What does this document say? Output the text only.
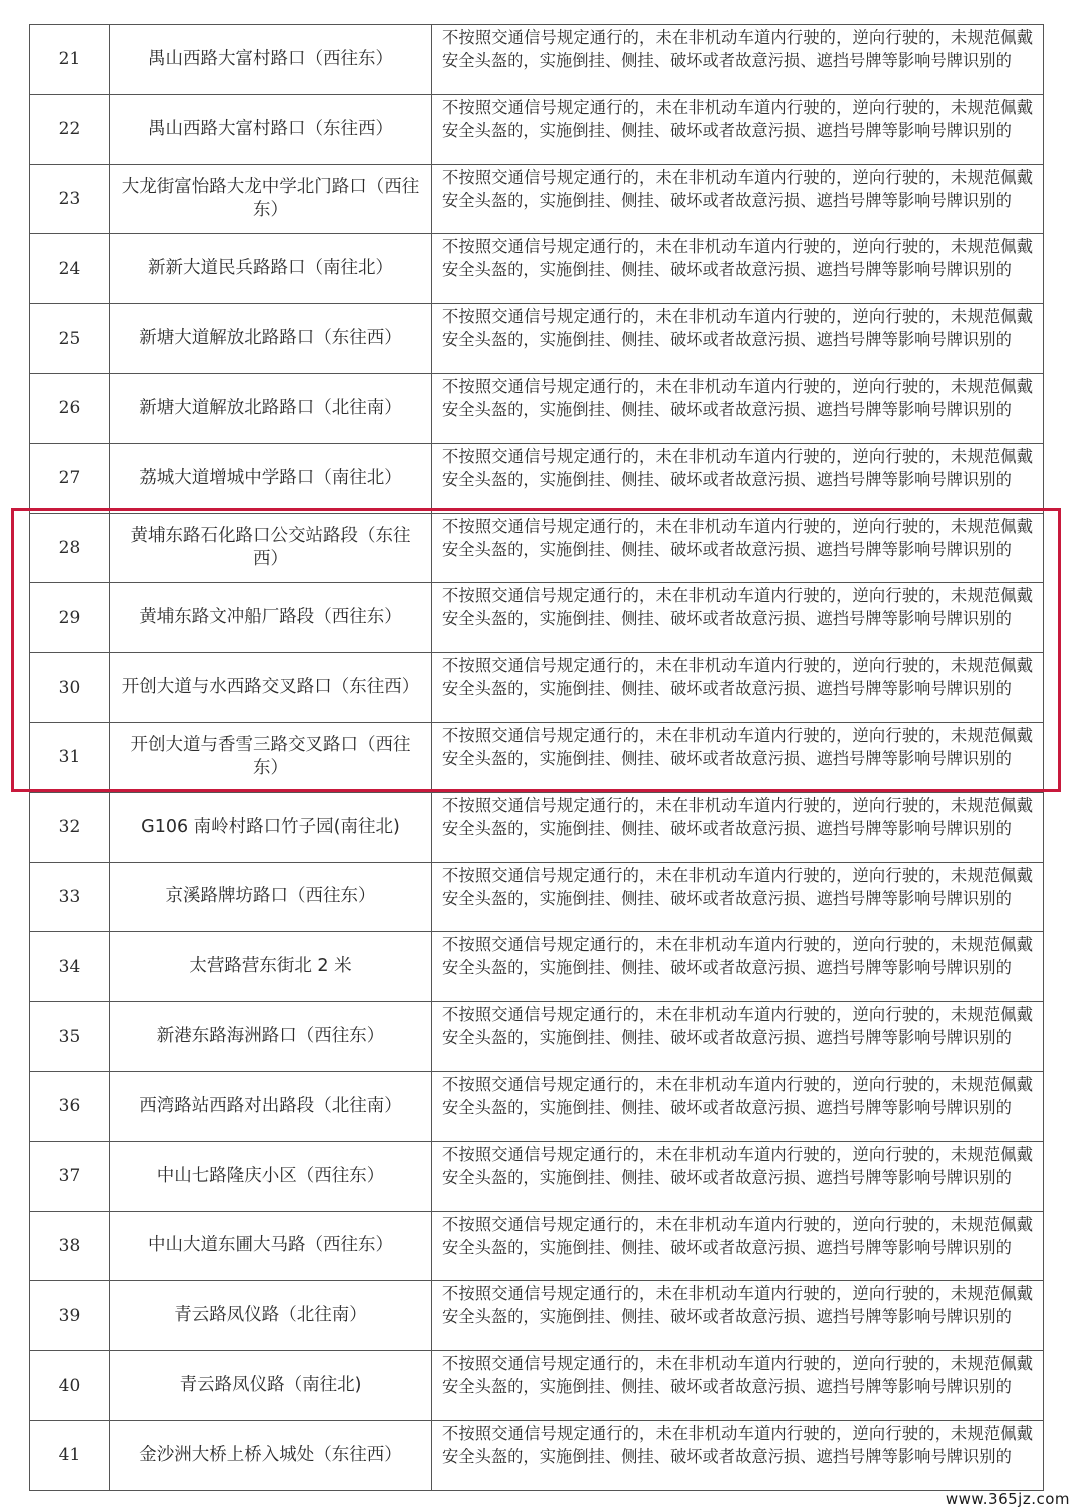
21	禺山西路大富村路口（西往东）
不按照交通信号规定通行的，未在非机动车道内行驶的，逆向行驶的，未规范佩戴安全头盔的，实施倒挂、侧挂、破坏或者故意污损、遮挡号牌等影响号牌识别的
22	禺山西路大富村路口（东往西）
不按照交通信号规定通行的，未在非机动车道内行驶的，逆向行驶的，未规范佩戴安全头盔的，实施倒挂、侧挂、破坏或者故意污损、遮挡号牌等影响号牌识别的
23
大龙街富怡路大龙中学北门路口（西往东）
不按照交通信号规定通行的，未在非机动车道内行驶的，逆向行驶的，未规范佩戴安全头盔的，实施倒挂、侧挂、破坏或者故意污损、遮挡号牌等影响号牌识别的
24	新新大道民兵路路口（南往北）
不按照交通信号规定通行的，未在非机动车道内行驶的，逆向行驶的，未规范佩戴安全头盔的，实施倒挂、侧挂、破坏或者故意污损、遮挡号牌等影响号牌识别的
25	新塘大道解放北路路口（东往西）
不按照交通信号规定通行的，未在非机动车道内行驶的，逆向行驶的，未规范佩戴安全头盔的，实施倒挂、侧挂、破坏或者故意污损、遮挡号牌等影响号牌识别的
26	新塘大道解放北路路口（北往南）
不按照交通信号规定通行的，未在非机动车道内行驶的，逆向行驶的，未规范佩戴安全头盔的，实施倒挂、侧挂、破坏或者故意污损、遮挡号牌等影响号牌识别的
27	荔城大道增城中学路口（南往北）
不按照交通信号规定通行的，未在非机动车道内行驶的，逆向行驶的，未规范佩戴安全头盔的，实施倒挂、侧挂、破坏或者故意污损、遮挡号牌等影响号牌识别的
28
黄埔东路石化路口公交站路段（东往西）
不按照交通信号规定通行的，未在非机动车道内行驶的，逆向行驶的，未规范佩戴安全头盔的，实施倒挂、侧挂、破坏或者故意污损、遮挡号牌等影响号牌识别的
29	黄埔东路文冲船厂路段（西往东）
不按照交通信号规定通行的，未在非机动车道内行驶的，逆向行驶的，未规范佩戴安全头盔的，实施倒挂、侧挂、破坏或者故意污损、遮挡号牌等影响号牌识别的
30	开创大道与水西路交叉路口（东往西）
不按照交通信号规定通行的，未在非机动车道内行驶的，逆向行驶的，未规范佩戴安全头盔的，实施倒挂、侧挂、破坏或者故意污损、遮挡号牌等影响号牌识别的
31
开创大道与香雪三路交叉路口（西往东）
不按照交通信号规定通行的，未在非机动车道内行驶的，逆向行驶的，未规范佩戴安全头盔的，实施倒挂、侧挂、破坏或者故意污损、遮挡号牌等影响号牌识别的
32	G106 南岭村路口竹子园(南往北)
不按照交通信号规定通行的，未在非机动车道内行驶的，逆向行驶的，未规范佩戴安全头盔的，实施倒挂、侧挂、破坏或者故意污损、遮挡号牌等影响号牌识别的
33	京溪路牌坊路口（西往东）
不按照交通信号规定通行的，未在非机动车道内行驶的，逆向行驶的，未规范佩戴安全头盔的，实施倒挂、侧挂、破坏或者故意污损、遮挡号牌等影响号牌识别的
34	太营路营东街北 2 米
不按照交通信号规定通行的，未在非机动车道内行驶的，逆向行驶的，未规范佩戴安全头盔的，实施倒挂、侧挂、破坏或者故意污损、遮挡号牌等影响号牌识别的
35	新港东路海洲路口（西往东）
不按照交通信号规定通行的，未在非机动车道内行驶的，逆向行驶的，未规范佩戴安全头盔的，实施倒挂、侧挂、破坏或者故意污损、遮挡号牌等影响号牌识别的
36	西湾路站西路对出路段（北往南）
不按照交通信号规定通行的，未在非机动车道内行驶的，逆向行驶的，未规范佩戴安全头盔的，实施倒挂、侧挂、破坏或者故意污损、遮挡号牌等影响号牌识别的
37	中山七路隆庆小区（西往东）
不按照交通信号规定通行的，未在非机动车道内行驶的，逆向行驶的，未规范佩戴安全头盔的，实施倒挂、侧挂、破坏或者故意污损、遮挡号牌等影响号牌识别的
38	中山大道东圃大马路（西往东）
不按照交通信号规定通行的，未在非机动车道内行驶的，逆向行驶的，未规范佩戴安全头盔的，实施倒挂、侧挂、破坏或者故意污损、遮挡号牌等影响号牌识别的
39	青云路凤仪路（北往南）
不按照交通信号规定通行的，未在非机动车道内行驶的，逆向行驶的，未规范佩戴安全头盔的，实施倒挂、侧挂、破坏或者故意污损、遮挡号牌等影响号牌识别的
40	青云路凤仪路（南往北)
不按照交通信号规定通行的，未在非机动车道内行驶的，逆向行驶的，未规范佩戴安全头盔的，实施倒挂、侧挂、破坏或者故意污损、遮挡号牌等影响号牌识别的
41	金沙洲大桥上桥入城处（东往西）
不按照交通信号规定通行的，未在非机动车道内行驶的，逆向行驶的，未规范佩戴安全头盔的，实施倒挂、侧挂、破坏或者故意污损、遮挡号牌等影响号牌识别的
www.365jz.com
